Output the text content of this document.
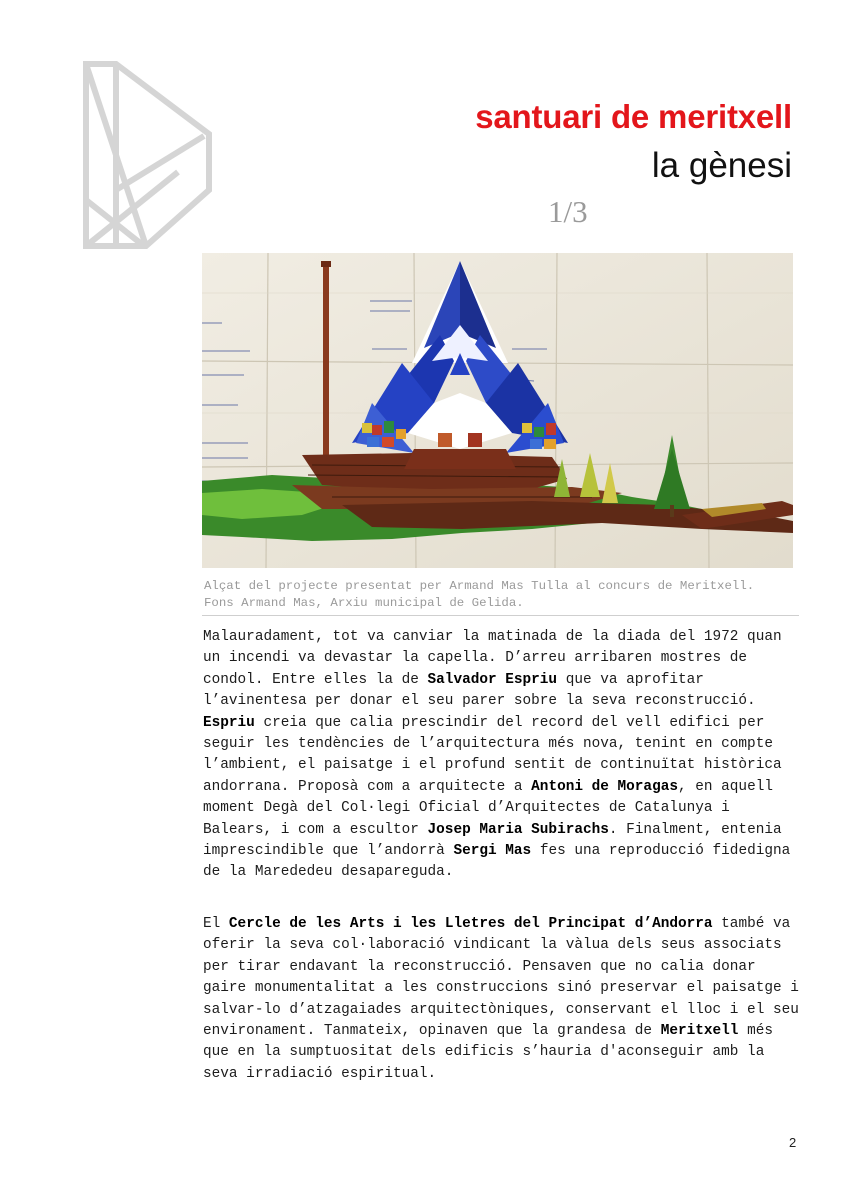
santuari de meritxell
la gènesi
1/3
Alçat del projecte presentat per Armand Mas Tulla al concurs de Meritxell.
Fons Armand Mas, Arxiu municipal de Gelida.

Malauradament, tot va canviar la matinada de la diada del 1972 quan un incendi va devastar la capella. D’arreu arribaren mostres de condol. Entre elles la de Salvador Espriu que va aprofitar l’avinentesa per donar el seu parer sobre la seva reconstrucció. Espriu creia que calia prescindir del record del vell edifici per seguir les tendències de l’arquitectura més nova, tenint en compte l’ambient, el paisatge i el profund sentit de continuïtat històrica andorrana. Proposà com a arquitecte a Antoni de Moragas, en aquell moment Degà del Col·legi Oficial d’Arquitectes de Catalunya i Balears, i com a escultor Josep Maria Subirachs. Finalment, entenia imprescindible que l’andorrà Sergi Mas fes una reproducció fidedigna de la Marededeu desapareguda.

El Cercle de les Arts i les Lletres del Principat d’Andorra també va oferir la seva col·laboració vindicant la vàlua dels seus associats per tirar endavant la reconstrucció. Pensaven que no calia donar gaire monumentalitat a les construccions sinó preservar el paisatge i salvar-lo d’atzagaiades arquitectòniques, conservant el lloc i el seu environament. Tanmateix, opinaven que la grandesa de Meritxell més que en la sumptuositat dels edificis s’hauria d'aconseguir amb la seva irradiació espiritual.

2
